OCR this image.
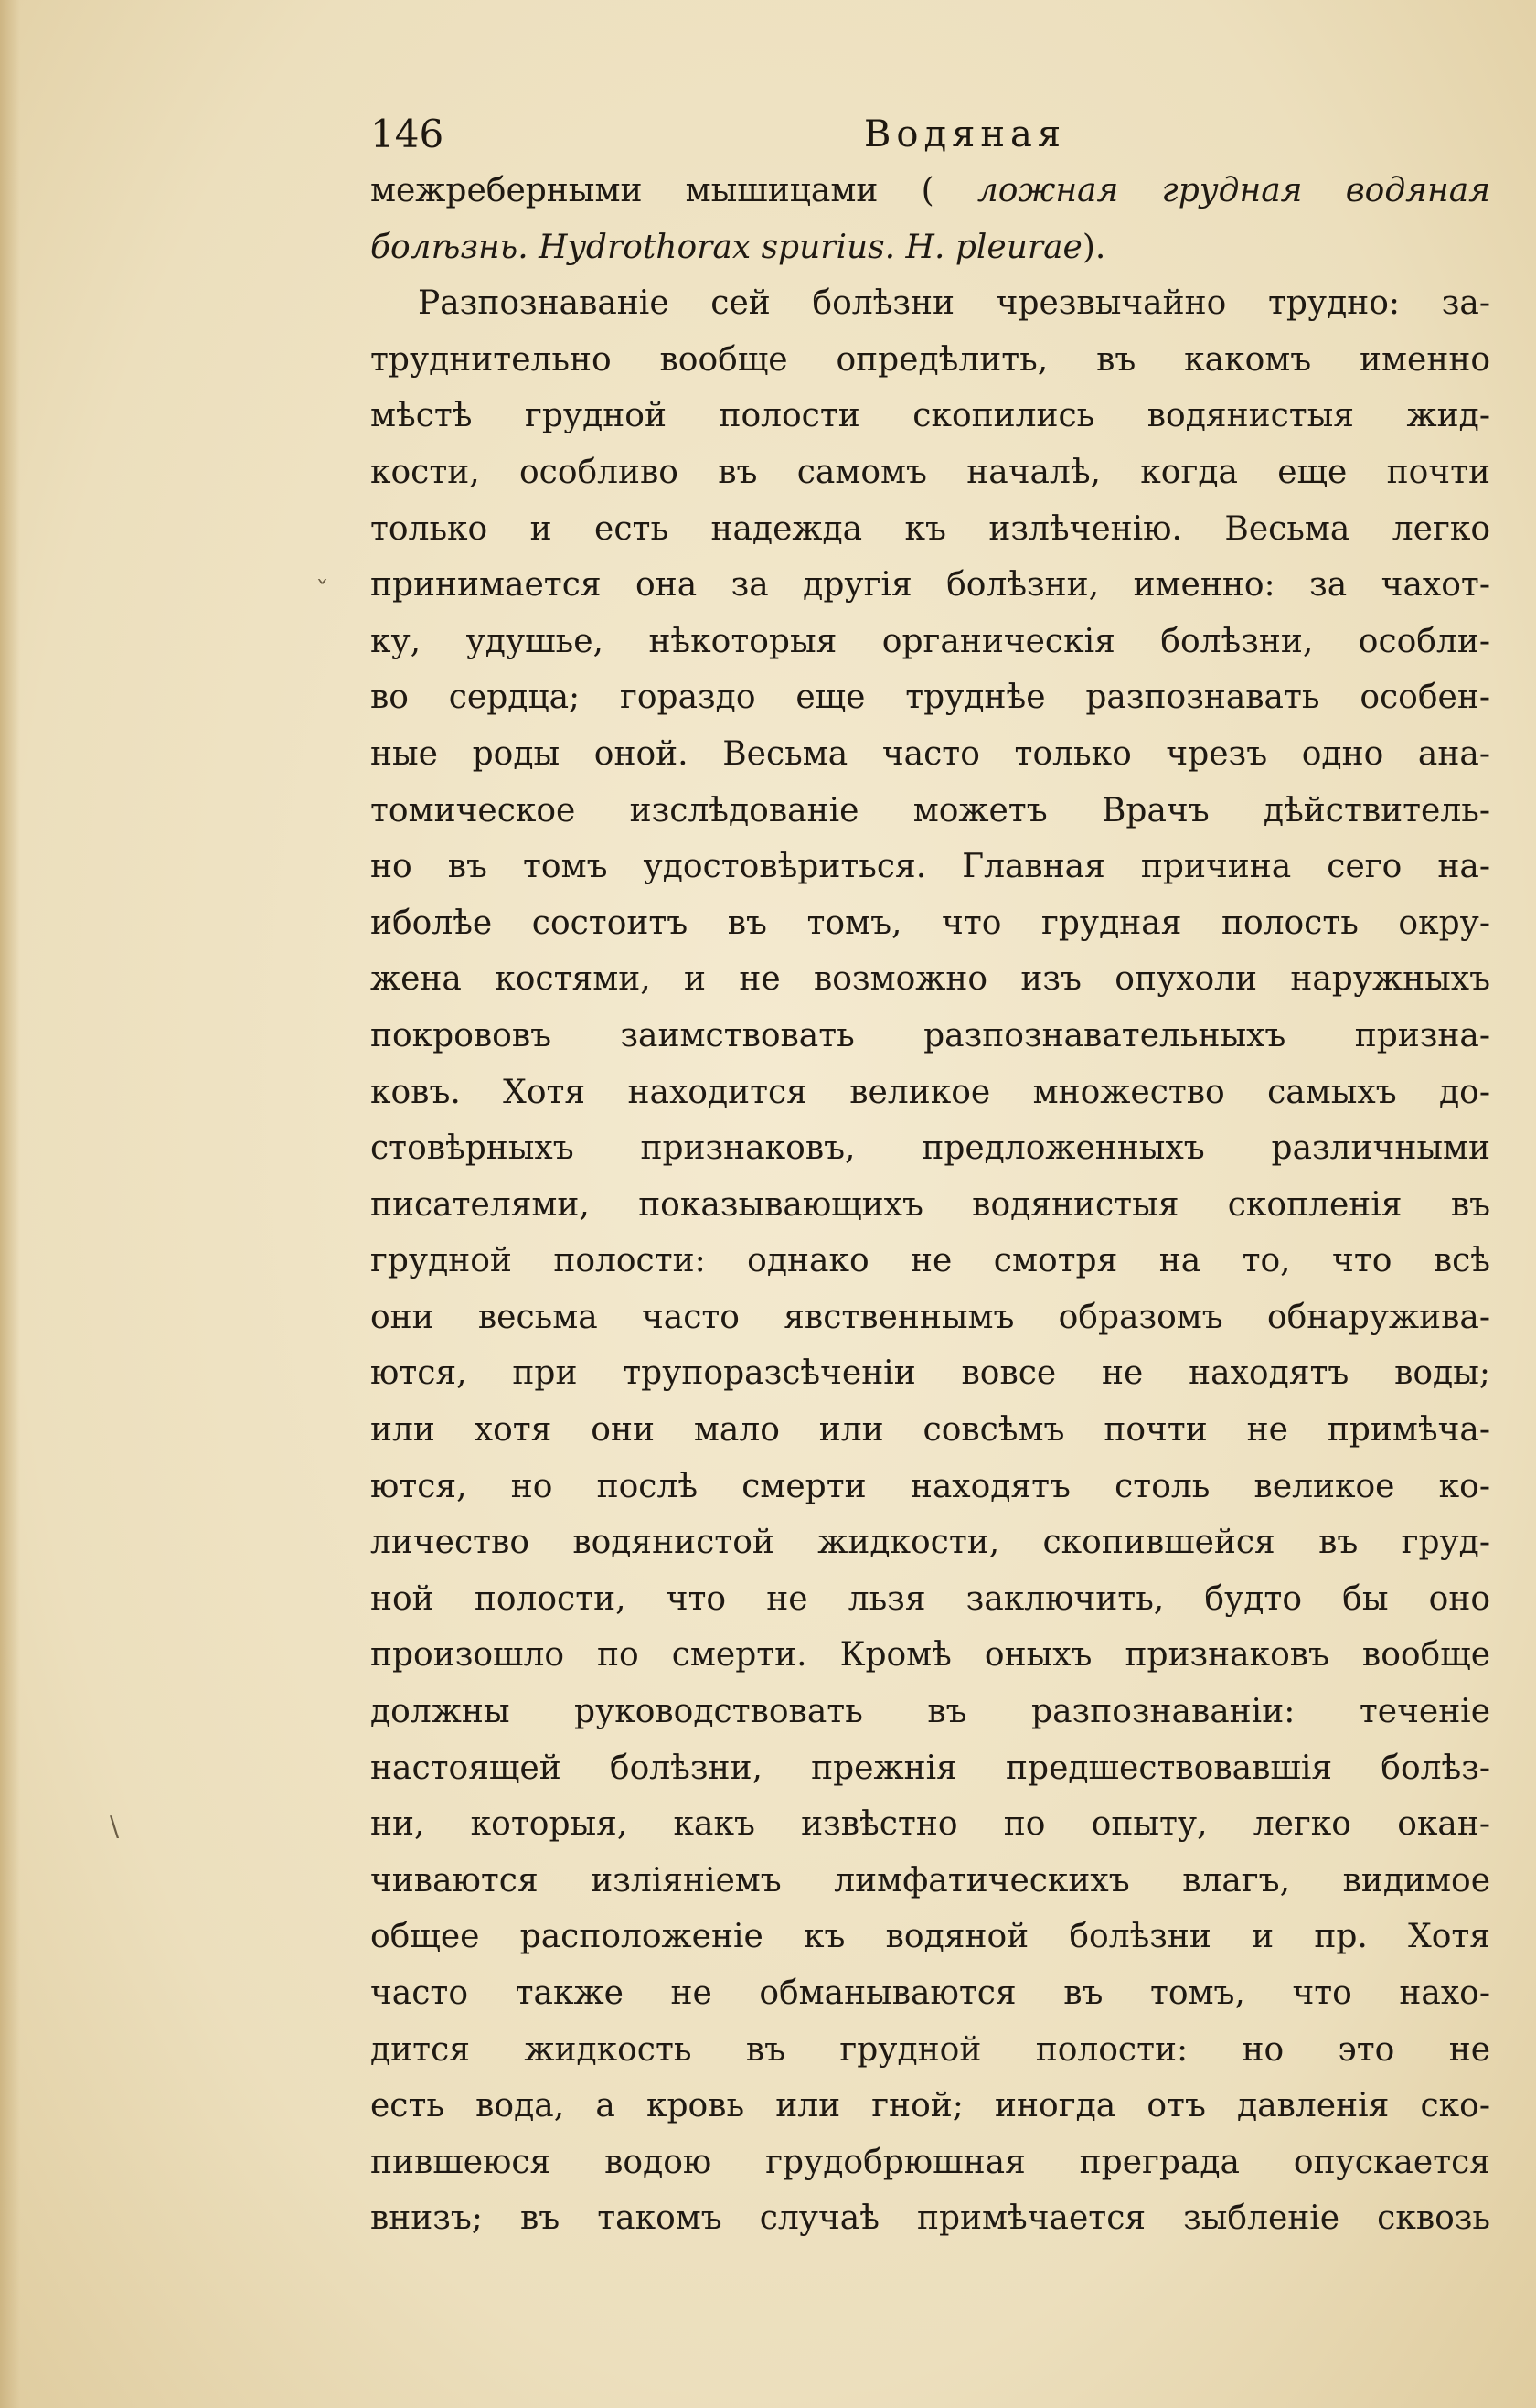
146	Водяная
межреберными мышицами ( ложная грудная водяная
болѣзнь. Hydrothorax spurius. H. pleurae).
Разпознаванiе сей болѣзни чрезвычайно трудно: за-
труднительно вообще опредѣлить, въ какомъ именно
мѣстѣ грудной полости скопились водянистыя жид-
кости, особливо въ самомъ началѣ, когда еще почти
только и есть надежда къ излѣченiю. Весьма легко
принимается она за другiя болѣзни, именно: за чахот-
ку, удушье, нѣкоторыя органическiя болѣзни, особли-
во сердца; гораздо еще труднѣе разпознавать особен-
ные роды оной. Весьма часто только чрезъ одно ана-
томическое изслѣдованiе можетъ Врачъ дѣйствитель-
но въ томъ удостовѣриться. Главная причина сего на-
иболѣе состоитъ въ томъ, что грудная полость окру-
жена костями, и не возможно изъ опухоли наружныхъ
покрововъ заимствовать разпознавательныхъ призна-
ковъ. Хотя находится великое множество самыхъ до-
стовѣрныхъ признаковъ, предложенныхъ различными
писателями, показывающихъ водянистыя скопленiя въ
грудной полости: однако не смотря на то, что всѣ
они весьма часто явственнымъ образомъ обнаружива-
ются, при трупоразсѣченiи вовсе не находятъ воды;
или хотя они мало или совсѣмъ почти не примѣча-
ются, но послѣ смерти находятъ столь великое ко-
личество водянистой жидкости, скопившейся въ груд-
ной полости, что не льзя заключить, будто бы оно
произошло по смерти. Кромѣ оныхъ признаковъ вообще
должны руководствовать въ разпознаванiи: теченiе
настоящей болѣзни, прежнiя предшествовавшiя болѣз-
ни, которыя, какъ извѣстно по опыту, легко окан-
чиваются излiянiемъ лимфатическихъ влагъ, видимое
общее расположенiе къ водяной болѣзни и пр. Хотя
часто также не обманываются въ томъ, что нахо-
дится жидкость въ грудной полости: но это не
есть вода, а кровь или гной; иногда отъ давленiя ско-
пившеюся водою грудобрюшная преграда опускается
внизъ; въ такомъ случаѣ примѣчается зыбленiе сквозь
ˇ
\
